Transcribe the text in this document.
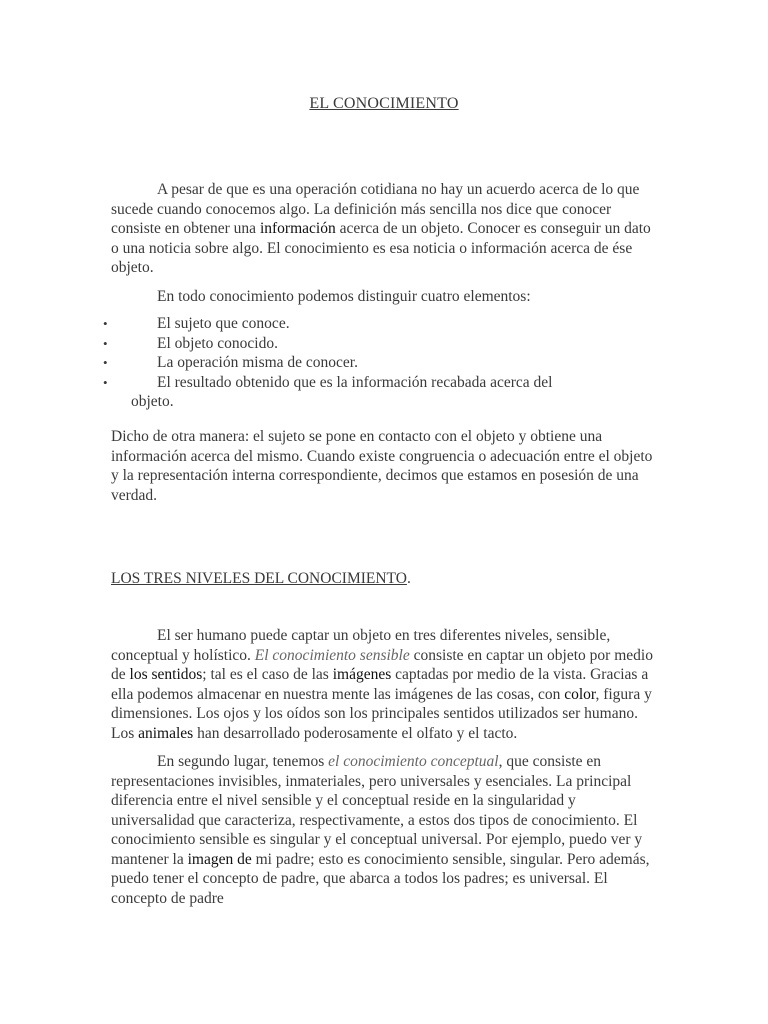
EL CONOCIMIENTO

A pesar de que es una operación cotidiana no hay un acuerdo acerca de lo que sucede cuando conocemos algo. La definición más sencilla nos dice que conocer consiste en obtener una información acerca de un objeto. Conocer es conseguir un dato o una noticia sobre algo. El conocimiento es esa noticia o información acerca de ése objeto.

En todo conocimiento podemos distinguir cuatro elementos:

•	El sujeto que conoce.
•	El objeto conocido.
•	La operación misma de conocer.
•	El resultado obtenido que es la información recabada acerca del
objeto.

Dicho de otra manera: el sujeto se pone en contacto con el objeto y obtiene una información acerca del mismo. Cuando existe congruencia o adecuación entre el objeto y la representación interna correspondiente, decimos que estamos en posesión de una verdad.

LOS TRES NIVELES DEL CONOCIMIENTO.

El ser humano puede captar un objeto en tres diferentes niveles, sensible, conceptual y holístico. El conocimiento sensible consiste en captar un objeto por medio de los sentidos; tal es el caso de las imágenes captadas por medio de la vista. Gracias a ella podemos almacenar en nuestra mente las imágenes de las cosas, con color, figura y dimensiones. Los ojos y los oídos son los principales sentidos utilizados ser humano. Los animales han desarrollado poderosamente el olfato y el tacto.

En segundo lugar, tenemos el conocimiento conceptual, que consiste en representaciones invisibles, inmateriales, pero universales y esenciales. La principal diferencia entre el nivel sensible y el conceptual reside en la singularidad y universalidad que caracteriza, respectivamente, a estos dos tipos de conocimiento. El conocimiento sensible es singular y el conceptual universal. Por ejemplo, puedo ver y mantener la imagen de mi padre; esto es conocimiento sensible, singular. Pero además, puedo tener el concepto de padre, que abarca a todos los padres; es universal. El concepto de padre
